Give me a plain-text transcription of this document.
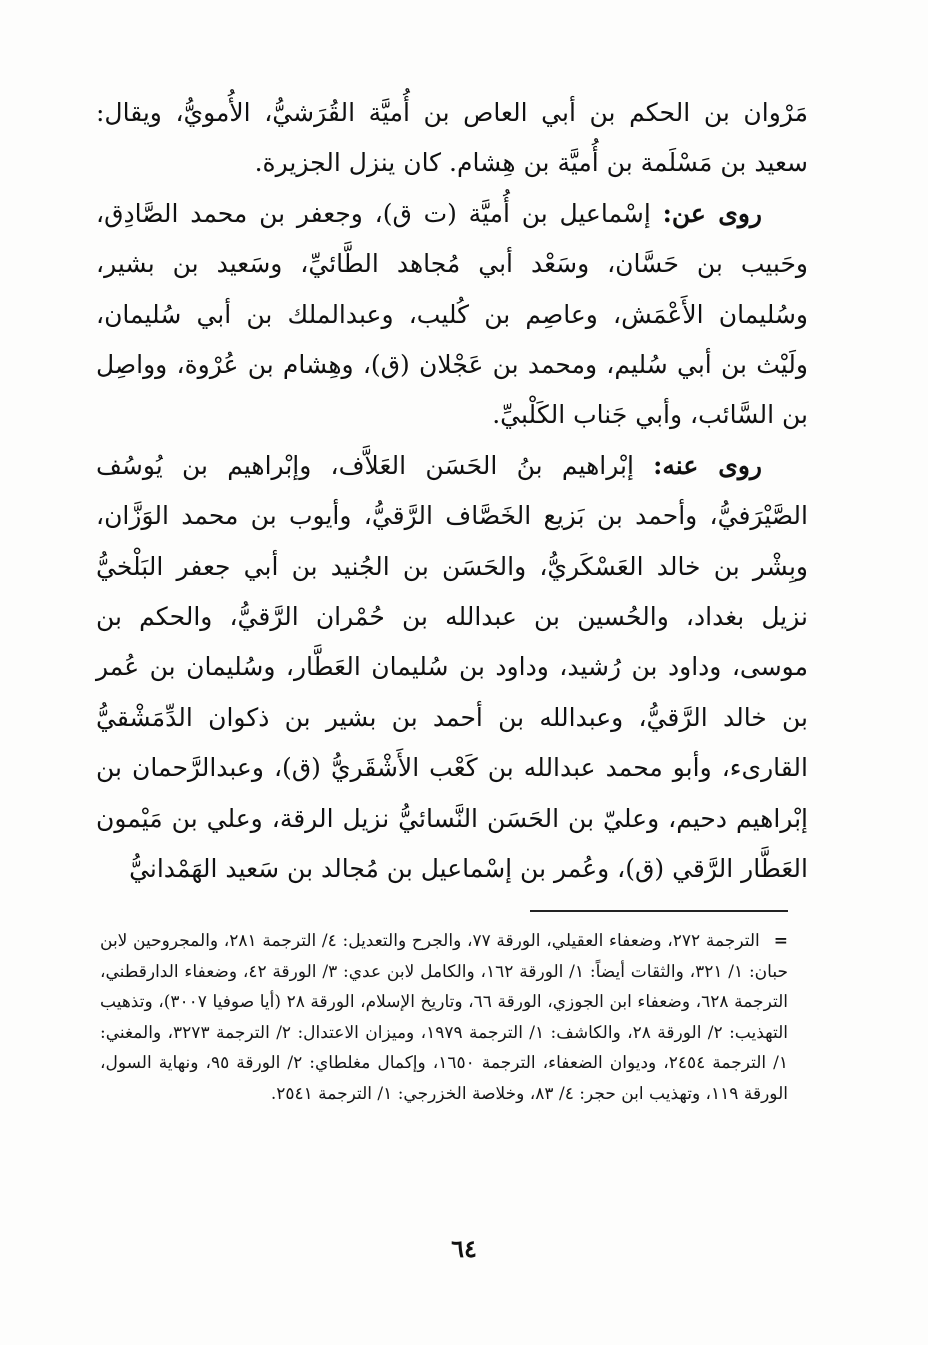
مَرْوان بن الحكم بن أبي العاص بن أُميَّة القُرَشيُّ، الأُمويُّ، ويقال: سعيد بن مَسْلَمة بن أُميَّة بن هِشام. كان ينزل الجزيرة.

روى عن: إسْماعيل بن أُميَّة (ت ق)، وجعفر بن محمد الصَّادِق، وحَبيب بن حَسَّان، وسَعْد أبي مُجاهد الطَّائيِّ، وسَعيد بن بشير، وسُليمان الأَعْمَش، وعاصِم بن كُليب، وعبدالملك بن أبي سُليمان، ولَيْث بن أبي سُليم، ومحمد بن عَجْلان (ق)، وهِشام بن عُرْوة، وواصِل بن السَّائب، وأبي جَناب الكَلْبيِّ.

روى عنه: إبْراهيم بنُ الحَسَن العَلاَّف، وإبْراهيم بن يُوسُف الصَّيْرَفيُّ، وأحمد بن بَزيع الخَصَّاف الرَّقيُّ، وأيوب بن محمد الوَزَّان، وبِشْر بن خالد العَسْكَريُّ، والحَسَن بن الجُنيد بن أبي جعفر البَلْخيُّ نزيل بغداد، والحُسين بن عبدالله بن حُمْران الرَّقيُّ، والحكم بن موسى، وداود بن رُشيد، وداود بن سُليمان العَطَّار، وسُليمان بن عُمر بن خالد الرَّقيُّ، وعبدالله بن أحمد بن بشير بن ذكوان الدِّمَشْقيُّ القارىء، وأبو محمد عبدالله بن كَعْب الأَشْقَريُّ (ق)، وعبدالرَّحمان بن إبْراهيم دحيم، وعليّ بن الحَسَن النَّسائيُّ نزيل الرقة، وعلي بن مَيْمون العَطَّار الرَّقي (ق)، وعُمر بن إسْماعيل بن مُجالد بن سَعيد الهَمْدانيُّ

=الترجمة ٢٧٢، وضعفاء العقيلي، الورقة ٧٧، والجرح والتعديل: ٤/ الترجمة ٢٨١، والمجروحين لابن حبان: ١/ ٣٢١، والثقات أيضاً: ١/ الورقة ١٦٢، والكامل لابن عدي: ٣/ الورقة ٤٢، وضعفاء الدارقطني، الترجمة ٦٢٨، وضعفاء ابن الجوزي، الورقة ٦٦، وتاريخ الإسلام، الورقة ٢٨ (أيا صوفيا ٣٠٠٧)، وتذهيب التهذيب: ٢/ الورقة ٢٨، والكاشف: ١/ الترجمة ١٩٧٩، وميزان الاعتدال: ٢/ الترجمة ٣٢٧٣، والمغني: ١/ الترجمة ٢٤٥٤، وديوان الضعفاء، الترجمة ١٦٥٠، وإكمال مغلطاي: ٢/ الورقة ٩٥، ونهاية السول، الورقة ١١٩، وتهذيب ابن حجر: ٤/ ٨٣، وخلاصة الخزرجي: ١/ الترجمة ٢٥٤١.
٦٤
